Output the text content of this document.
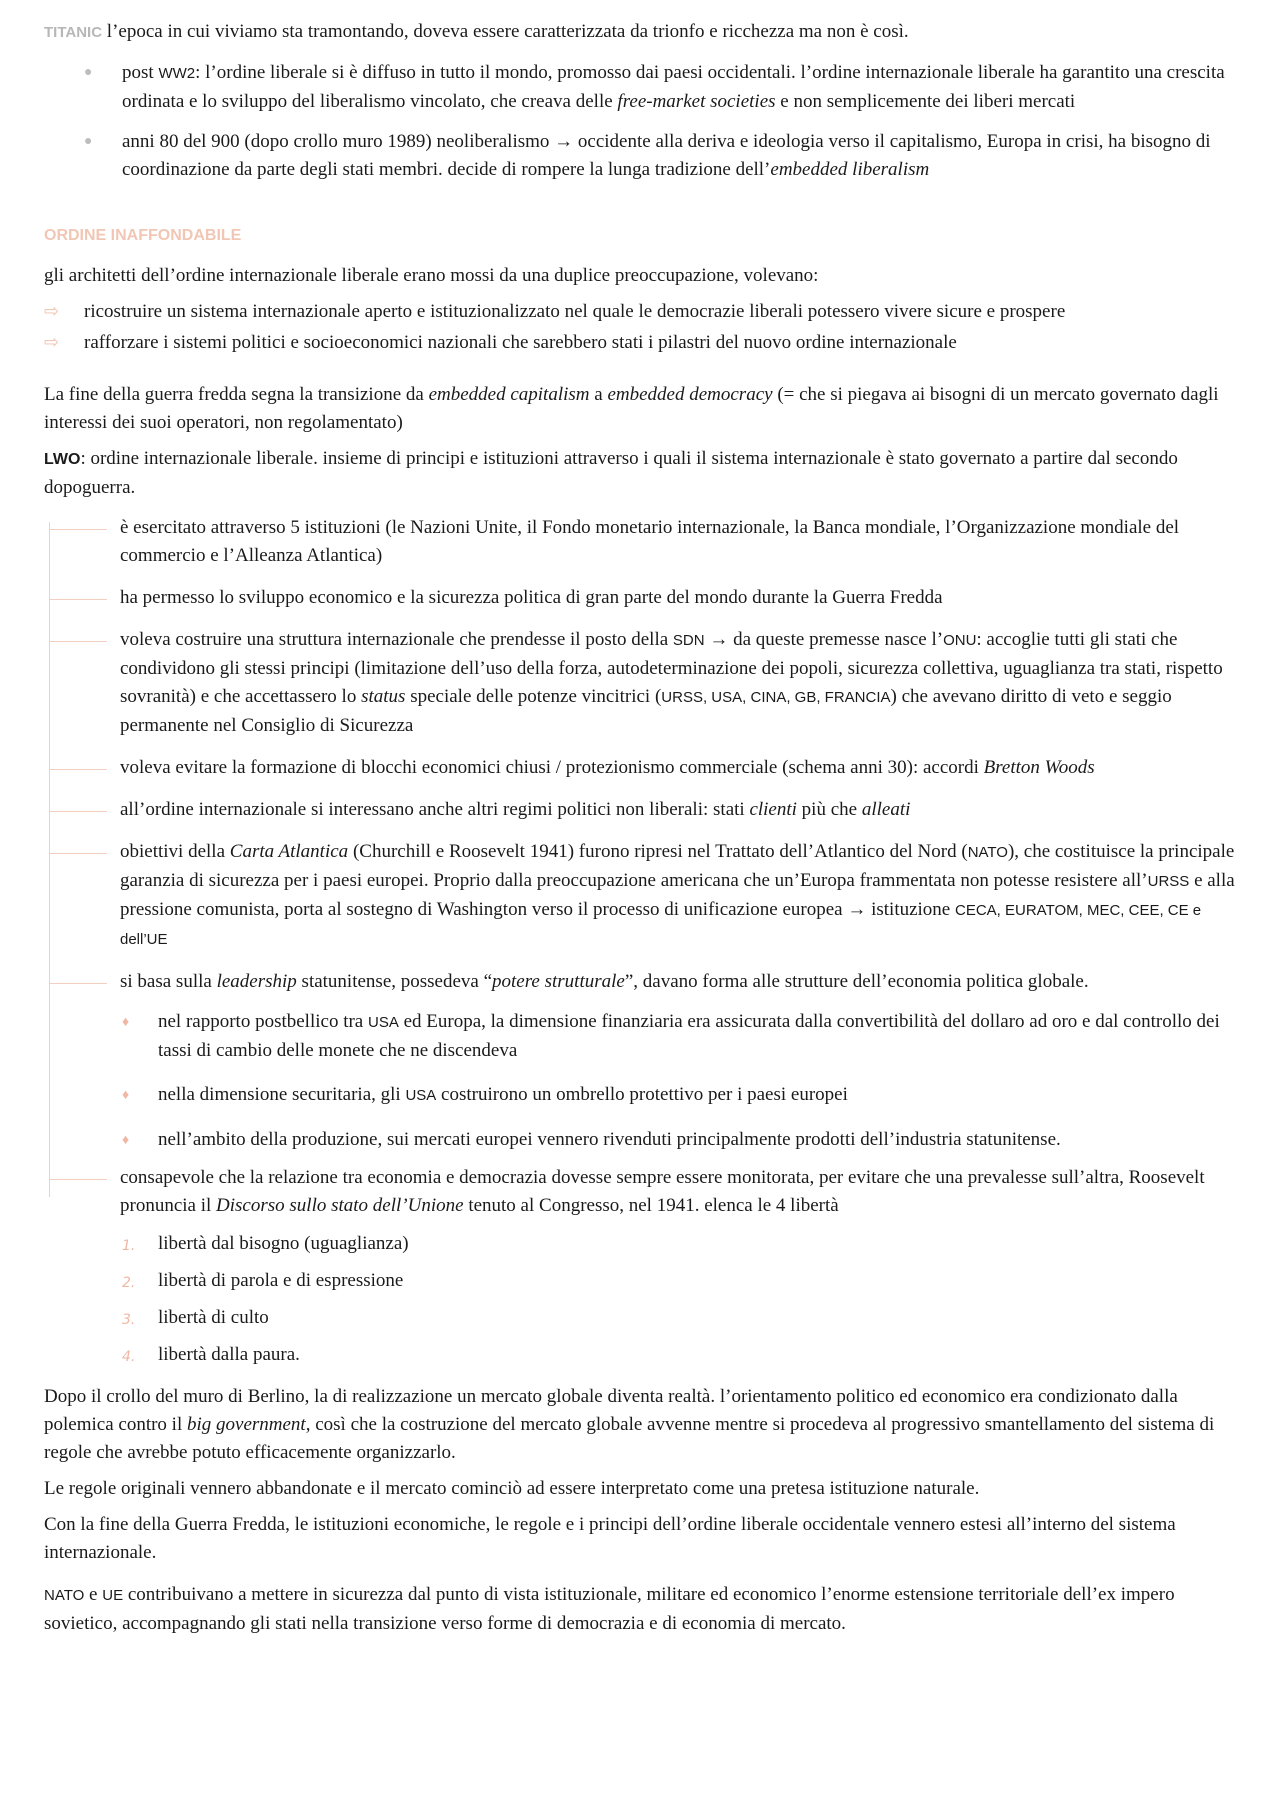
TITANIC l’epoca in cui viviamo sta tramontando, doveva essere caratterizzata da trionfo e ricchezza ma non è così.

● post WW2: l’ordine liberale si è diffuso in tutto il mondo, promosso dai paesi occidentali. l’ordine internazionale liberale ha garantito una crescita ordinata e lo sviluppo del liberalismo vincolato, che creava delle free-market societies e non semplicemente dei liberi mercati
● anni 80 del 900 (dopo crollo muro 1989) neoliberalismo → occidente alla deriva e ideologia verso il capitalismo, Europa in crisi, ha bisogno di coordinazione da parte degli stati membri. decide di rompere la lunga tradizione dell’embedded liberalism

ORDINE INAFFONDABILE

gli architetti dell’ordine internazionale liberale erano mossi da una duplice preoccupazione, volevano:

⇨ ricostruire un sistema internazionale aperto e istituzionalizzato nel quale le democrazie liberali potessero vivere sicure e prospere
⇨ rafforzare i sistemi politici e socioeconomici nazionali che sarebbero stati i pilastri del nuovo ordine internazionale

La fine della guerra fredda segna la transizione da embedded capitalism a embedded democracy (= che si piegava ai bisogni di un mercato governato dagli interessi dei suoi operatori, non regolamentato)

LWO: ordine internazionale liberale. insieme di principi e istituzioni attraverso i quali il sistema internazionale è stato governato a partire dal secondo dopoguerra.

è esercitato attraverso 5 istituzioni (le Nazioni Unite, il Fondo monetario internazionale, la Banca mondiale, l’Organizzazione mondiale del commercio e l’Alleanza Atlantica)
ha permesso lo sviluppo economico e la sicurezza politica di gran parte del mondo durante la Guerra Fredda
voleva costruire una struttura internazionale che prendesse il posto della SDN → da queste premesse nasce l’ONU: accoglie tutti gli stati che condividono gli stessi principi (limitazione dell’uso della forza, autodeterminazione dei popoli, sicurezza collettiva, uguaglianza tra stati, rispetto sovranità) e che accettassero lo status speciale delle potenze vincitrici (URSS, USA, CINA, GB, FRANCIA) che avevano diritto di veto e seggio permanente nel Consiglio di Sicurezza
voleva evitare la formazione di blocchi economici chiusi / protezionismo commerciale (schema anni 30): accordi Bretton Woods
all’ordine internazionale si interessano anche altri regimi politici non liberali: stati clienti più che alleati
obiettivi della Carta Atlantica (Churchill e Roosevelt 1941) furono ripresi nel Trattato dell’Atlantico del Nord (NATO), che costituisce la principale garanzia di sicurezza per i paesi europei. Proprio dalla preoccupazione americana che un’Europa frammentata non potesse resistere all’URSS e alla pressione comunista, porta al sostegno di Washington verso il processo di unificazione europea → istituzione CECA, EURATOM, MEC, CEE, CE e dell’UE
si basa sulla leadership statunitense, possedeva “potere strutturale”, davano forma alle strutture dell’economia politica globale.
♦ nel rapporto postbellico tra USA ed Europa, la dimensione finanziaria era assicurata dalla convertibilità del dollaro ad oro e dal controllo dei tassi di cambio delle monete che ne discendeva
♦ nella dimensione securitaria, gli USA costruirono un ombrello protettivo per i paesi europei
♦ nell’ambito della produzione, sui mercati europei vennero rivenduti principalmente prodotti dell’industria statunitense.
consapevole che la relazione tra economia e democrazia dovesse sempre essere monitorata, per evitare che una prevalesse sull’altra, Roosevelt pronuncia il Discorso sullo stato dell’Unione tenuto al Congresso, nel 1941. elenca le 4 libertà
1. libertà dal bisogno (uguaglianza)
2. libertà di parola e di espressione
3. libertà di culto
4. libertà dalla paura.

Dopo il crollo del muro di Berlino, la di realizzazione un mercato globale diventa realtà. l’orientamento politico ed economico era condizionato dalla polemica contro il big government, così che la costruzione del mercato globale avvenne mentre si procedeva al progressivo smantellamento del sistema di regole che avrebbe potuto efficacemente organizzarlo.

Le regole originali vennero abbandonate e il mercato cominciò ad essere interpretato come una pretesa istituzione naturale.

Con la fine della Guerra Fredda, le istituzioni economiche, le regole e i principi dell’ordine liberale occidentale vennero estesi all’interno del sistema internazionale.

NATO e UE contribuivano a mettere in sicurezza dal punto di vista istituzionale, militare ed economico l’enorme estensione territoriale dell’ex impero sovietico, accompagnando gli stati nella transizione verso forme di democrazia e di economia di mercato.
